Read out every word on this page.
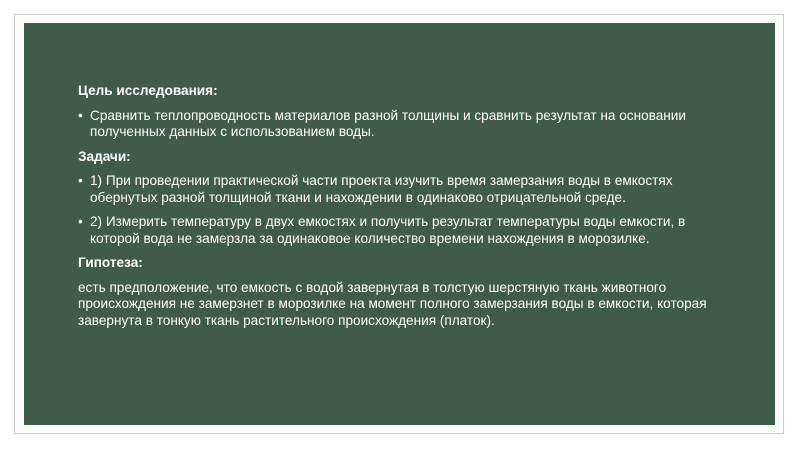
Цель исследования:

• Сравнить теплопроводность материалов разной толщины и сравнить результат на основании полученных данных с использованием воды.

Задачи:

• 1) При проведении практической части проекта изучить время замерзания воды в емкостях обернутых разной толщиной ткани и нахождении в одинаково отрицательной среде.

• 2) Измерить температуру в двух емкостях и получить результат температуры воды емкости, в которой вода не замерзла за одинаковое количество времени нахождения в морозилке.

Гипотеза:

есть предположение, что емкость с водой завернутая в толстую шерстяную ткань животного происхождения не замерзнет в морозилке на момент полного замерзания воды в емкости, которая завернута в тонкую ткань растительного происхождения (платок).
